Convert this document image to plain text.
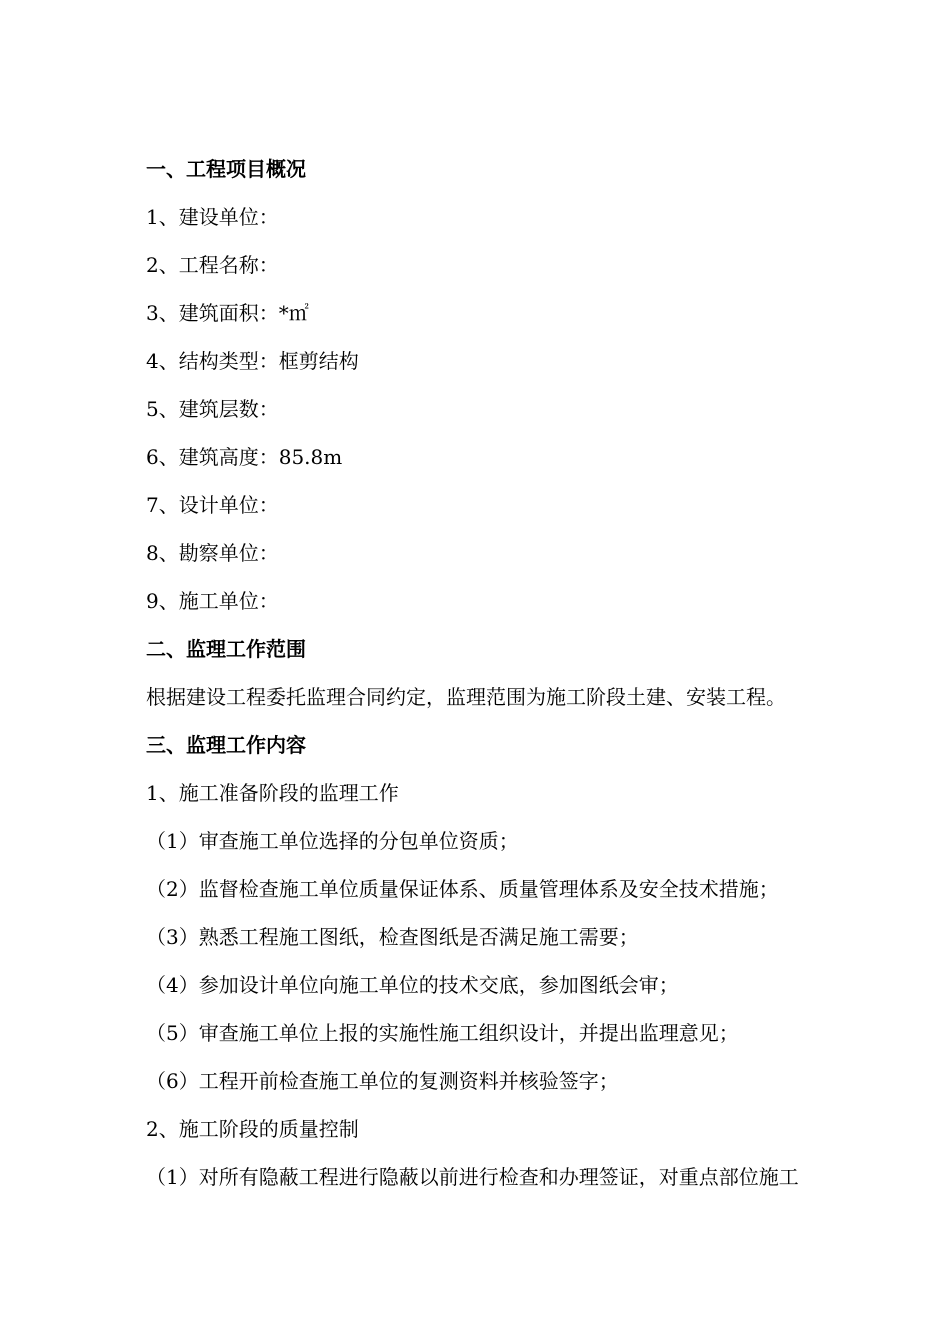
一、工程项目概况
1、建设单位：
2、工程名称：
3、建筑面积：*㎡
4、结构类型：框剪结构
5、建筑层数：
6、建筑高度：85.8m
7、设计单位：
8、勘察单位：
9、施工单位：
二、监理工作范围
根据建设工程委托监理合同约定，监理范围为施工阶段土建、安装工程。
三、监理工作内容
1、施工准备阶段的监理工作
（1）审查施工单位选择的分包单位资质；
（2）监督检查施工单位质量保证体系、质量管理体系及安全技术措施；
（3）熟悉工程施工图纸，检查图纸是否满足施工需要；
（4）参加设计单位向施工单位的技术交底，参加图纸会审；
（5）审查施工单位上报的实施性施工组织设计，并提出监理意见；
（6）工程开前检查施工单位的复测资料并核验签字；
2、施工阶段的质量控制
（1）对所有隐蔽工程进行隐蔽以前进行检查和办理签证，对重点部位施工
